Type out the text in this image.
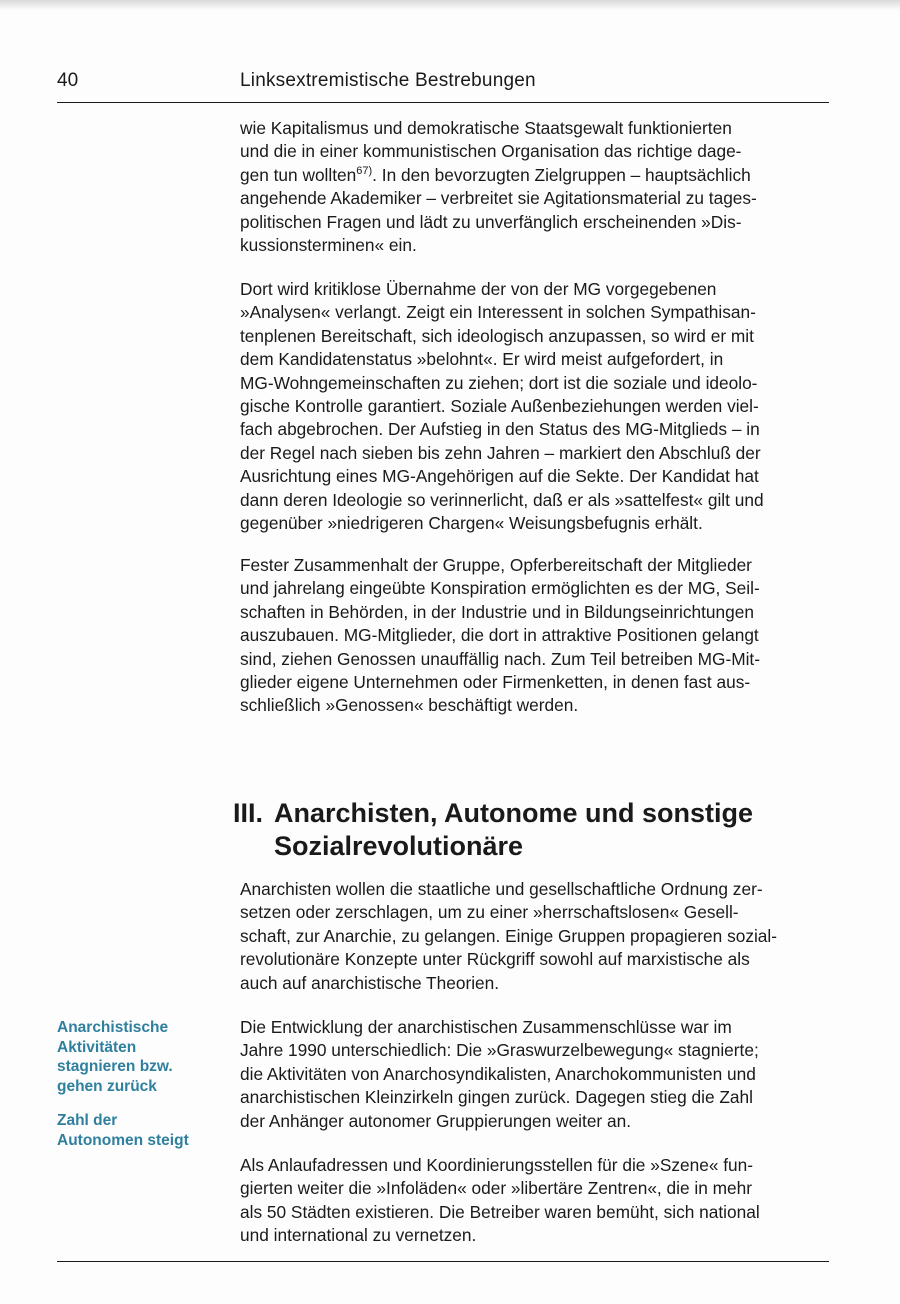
40	Linksextremistische Bestrebungen
wie Kapitalismus und demokratische Staatsgewalt funktionierten
und die in einer kommunistischen Organisation das richtige dage-
gen tun wollten$^{67)}$. In den bevorzugten Zielgruppen – hauptsächlich
angehende Akademiker – verbreitet sie Agitationsmaterial zu tages-
politischen Fragen und lädt zu unverfänglich erscheinenden »Dis-
kussionsterminen« ein.
Dort wird kritiklose Übernahme der von der MG vorgegebenen
»Analysen« verlangt. Zeigt ein Interessent in solchen Sympathisan-
tenplenen Bereitschaft, sich ideologisch anzupassen, so wird er mit
dem Kandidatenstatus »belohnt«. Er wird meist aufgefordert, in
MG-Wohngemeinschaften zu ziehen; dort ist die soziale und ideolo-
gische Kontrolle garantiert. Soziale Außenbeziehungen werden viel-
fach abgebrochen. Der Aufstieg in den Status des MG-Mitglieds – in
der Regel nach sieben bis zehn Jahren – markiert den Abschluß der
Ausrichtung eines MG-Angehörigen auf die Sekte. Der Kandidat hat
dann deren Ideologie so verinnerlicht, daß er als »sattelfest« gilt und
gegenüber »niedrigeren Chargen« Weisungsbefugnis erhält.
Fester Zusammenhalt der Gruppe, Opferbereitschaft der Mitglieder
und jahrelang eingeübte Konspiration ermöglichten es der MG, Seil-
schaften in Behörden, in der Industrie und in Bildungseinrichtungen
auszubauen. MG-Mitglieder, die dort in attraktive Positionen gelangt
sind, ziehen Genossen unauffällig nach. Zum Teil betreiben MG-Mit-
glieder eigene Unternehmen oder Firmenketten, in denen fast aus-
schließlich »Genossen« beschäftigt werden.
III. Anarchisten, Autonome und sonstige
Sozialrevolutionäre
Anarchisten wollen die staatliche und gesellschaftliche Ordnung zer-
setzen oder zerschlagen, um zu einer »herrschaftslosen« Gesell-
schaft, zur Anarchie, zu gelangen. Einige Gruppen propagieren sozial-
revolutionäre Konzepte unter Rückgriff sowohl auf marxistische als
auch auf anarchistische Theorien.
Anarchistische
Aktivitäten
stagnieren bzw.
gehen zurück
Die Entwicklung der anarchistischen Zusammenschlüsse war im
Jahre 1990 unterschiedlich: Die »Graswurzelbewegung« stagnierte;
die Aktivitäten von Anarchosyndikalisten, Anarchokommunisten und
anarchistischen Kleinzirkeln gingen zurück. Dagegen stieg die Zahl
der Anhänger autonomer Gruppierungen weiter an.
Zahl der
Autonomen steigt
Als Anlaufadressen und Koordinierungsstellen für die »Szene« fun-
gierten weiter die »Infoläden« oder »libertäre Zentren«, die in mehr
als 50 Städten existieren. Die Betreiber waren bemüht, sich national
und international zu vernetzen.
